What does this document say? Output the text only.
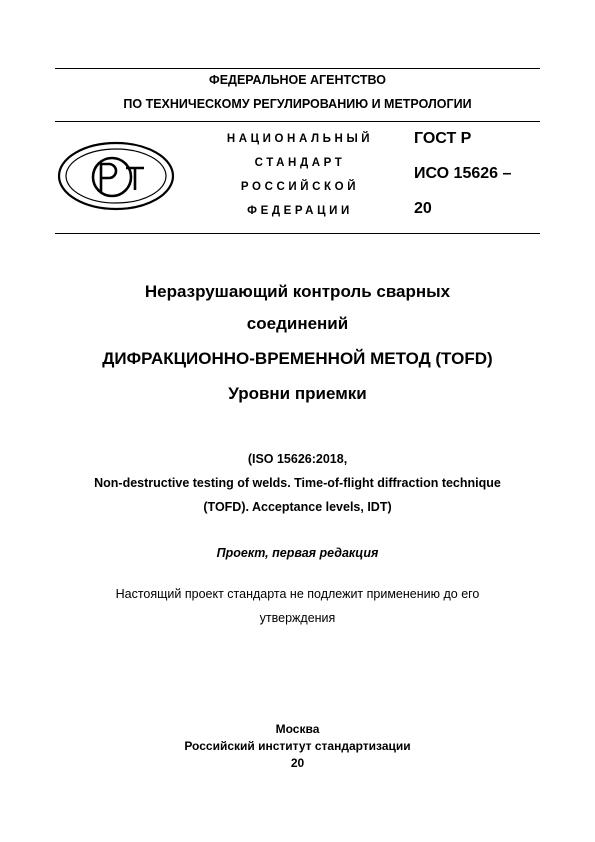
ФЕДЕРАЛЬНОЕ АГЕНТСТВО
ПО ТЕХНИЧЕСКОМУ РЕГУЛИРОВАНИЮ И МЕТРОЛОГИИ
НАЦИОНАЛЬНЫЙ
СТАНДАРТ
РОССИЙСКОЙ
ФЕДЕРАЦИИ
ГОСТ Р
ИСО 15626 –
20
Неразрушающий контроль сварных
соединений
ДИФРАКЦИОННО-ВРЕМЕННОЙ МЕТОД (TOFD)
Уровни приемки
(ISO 15626:2018,
Non-destructive testing of welds. Time-of-flight diffraction technique
(TOFD). Acceptance levels, IDT)
Проект, первая редакция
Настоящий проект стандарта не подлежит применению до его
утверждения
Москва
Российский институт стандартизации
20
